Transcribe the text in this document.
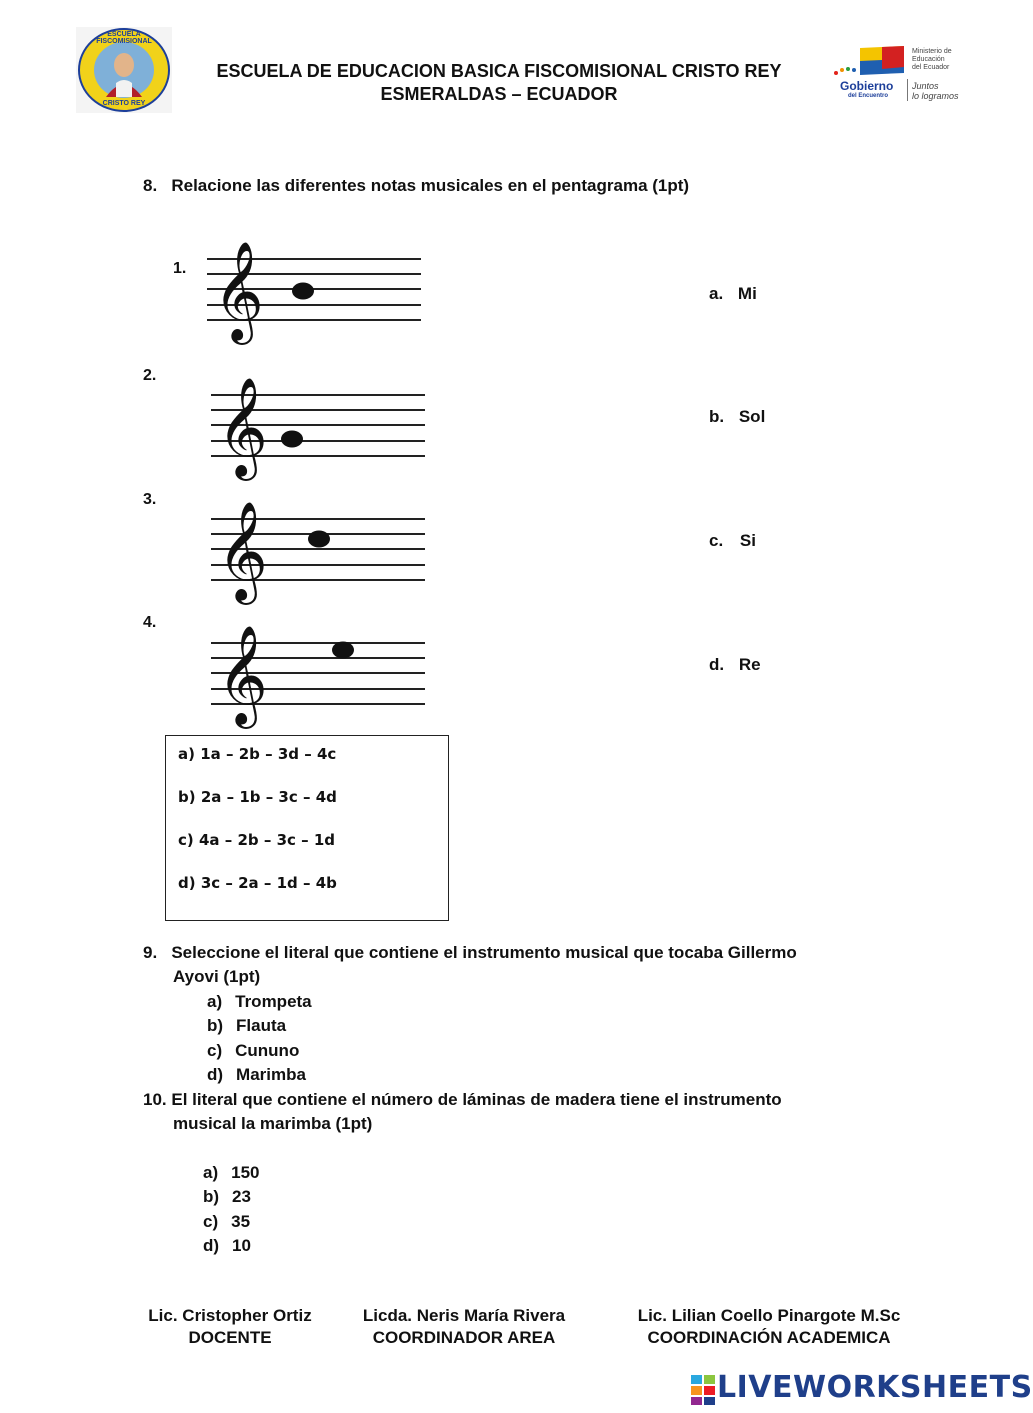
ESCUELA FISCOMISIONAL
CRISTO REY
ESCUELA DE EDUCACION BASICA FISCOMISIONAL CRISTO REY
ESMERALDAS – ECUADOR	Gobierno
del Encuentro
Ministerio de
Educación
del Ecuador
Juntos
lo logramos
8.   Relacione las diferentes notas musicales en el pentagrama (1pt)
1.
2.
3.
4.
𝄞
𝄞
𝄞
𝄞
a. Mi
b. Sol
c. Si
d. Re
a) 1a – 2b – 3d – 4c
b) 2a – 1b – 3c – 4d
c) 4a – 2b – 3c – 1d
d) 3c – 2a – 1d – 4b
9.   Seleccione el literal que contiene el instrumento musical que tocaba Gillermo
Ayovi (1pt)
a) Trompeta
b) Flauta
c) Cununo
d) Marimba
10. El literal que contiene el número de láminas de madera tiene el instrumento
musical la marimba (1pt)
a) 150
b) 23
c) 35
d) 10
Lic. Cristopher Ortiz
DOCENTE
Licda. Neris María Rivera
COORDINADOR AREA
Lic. Lilian Coello Pinargote M.Sc
COORDINACIÓN ACADEMICA
LIVEWORKSHEETS
